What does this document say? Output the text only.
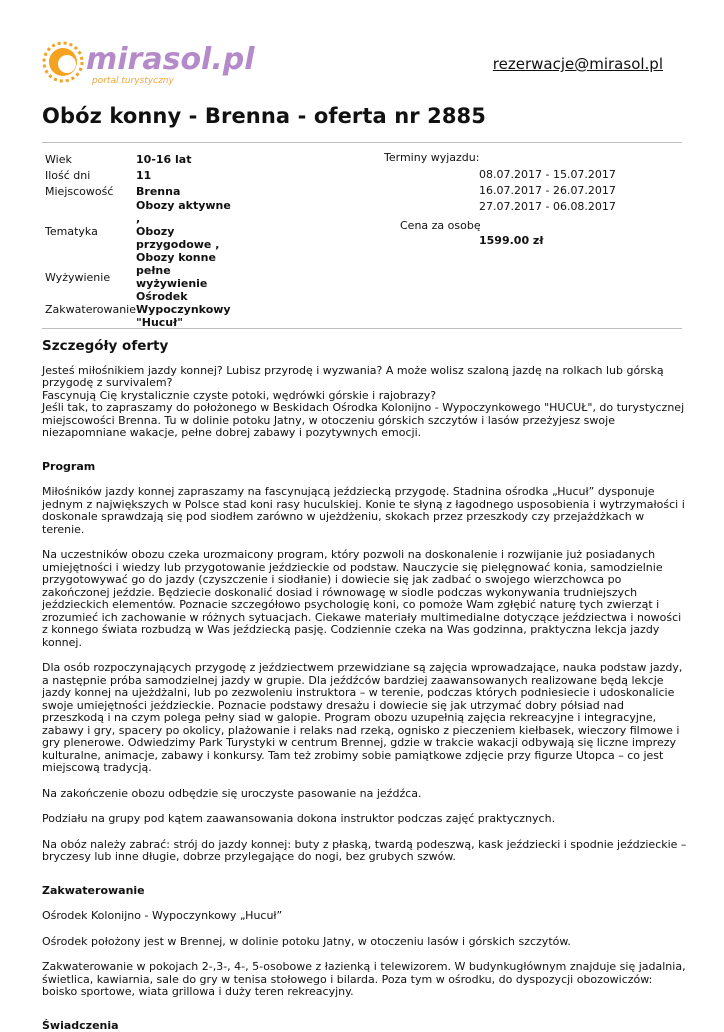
mirasol.pl
portal turystyczny
rezerwacje@mirasol.pl
Obóz konny - Brenna - oferta nr 2885
Wiek	10-16 lat
Ilość dni	11
Miejscowość	Brenna
Tematyka	Obozy aktywne ,
Obozy
przygodowe ,
Obozy konne

Wyżywienie	pełne
wyżywienie

Zakwaterowanie	Ośrodek
Wypoczynkowy
"Hucuł"
Terminy wyjazdu:
08.07.2017 - 15.07.2017
16.07.2017 - 26.07.2017
27.07.2017 - 06.08.2017
Cena za osobę
1599.00 zł
Szczegóły oferty

Jesteś miłośnikiem jazdy konnej? Lubisz przyrodę i wyzwania? A może wolisz szaloną jazdę na rolkach lub górską przygodę z survivalem?

Fascynują Cię krystalicznie czyste potoki, wędrówki górskie i rajobrazy?

Jeśli tak, to zapraszamy do położonego w Beskidach Ośrodka Kolonijno - Wypoczynkowego "HUCUŁ", do turystycznej miejscowości Brenna. Tu w dolinie potoku Jatny, w otoczeniu górskich szczytów i lasów przeżyjesz swoje niezapomniane wakacje, pełne dobrej zabawy i pozytywnych emocji.

Program

Miłośników jazdy konnej zapraszamy na fascynującą jeździecką przygodę. Stadnina ośrodka „Hucuł” dysponuje jednym z największych w Polsce stad koni rasy huculskiej. Konie te słyną z łagodnego usposobienia i wytrzymałości i doskonale sprawdzają się pod siodłem zarówno w ujeżdżeniu, skokach przez przeszkody czy przejażdżkach w terenie.

Na uczestników obozu czeka urozmaicony program, który pozwoli na doskonalenie i rozwijanie już posiadanych umiejętności i wiedzy lub przygotowanie jeździeckie od podstaw. Nauczycie się pielęgnować konia, samodzielnie przygotowywać go do jazdy (czyszczenie i siodłanie) i dowiecie się jak zadbać o swojego wierzchowca po zakończonej jeździe. Będziecie doskonalić dosiad i równowagę w siodle podczas wykonywania trudniejszych jeździeckich elementów. Poznacie szczegółowo psychologię koni, co pomoże Wam zgłębić naturę tych zwierząt i zrozumieć ich zachowanie w różnych sytuacjach. Ciekawe materiały multimedialne dotyczące jeździectwa i nowości z konnego świata rozbudzą w Was jeździecką pasję. Codziennie czeka na Was godzinna, praktyczna lekcja jazdy konnej.

Dla osób rozpoczynających przygodę z jeździectwem przewidziane są zajęcia wprowadzające, nauka podstaw jazdy, a następnie próba samodzielnej jazdy w grupie. Dla jeźdźców bardziej zaawansowanych realizowane będą lekcje jazdy konnej na ujeżdżalni, lub po zezwoleniu instruktora – w terenie, podczas których podniesiecie i udoskonalicie swoje umiejętności jeździeckie. Poznacie podstawy dresażu i dowiecie się jak utrzymać dobry półsiad nad przeszkodą i na czym polega pełny siad w galopie. Program obozu uzupełnią zajęcia rekreacyjne i integracyjne, zabawy i gry, spacery po okolicy, plażowanie i relaks nad rzeką, ognisko z pieczeniem kiełbasek, wieczory filmowe i gry plenerowe. Odwiedzimy Park Turystyki w centrum Brennej, gdzie w trakcie wakacji odbywają się liczne imprezy kulturalne, animacje, zabawy i konkursy. Tam też zrobimy sobie pamiątkowe zdjęcie przy figurze Utopca – co jest miejscową tradycją.

Na zakończenie obozu odbędzie się uroczyste pasowanie na jeźdźca.

Podziału na grupy pod kątem zaawansowania dokona instruktor podczas zajęć praktycznych.

Na obóz należy zabrać: strój do jazdy konnej: buty z płaską, twardą podeszwą, kask jeździecki i spodnie jeździeckie – bryczesy lub inne długie, dobrze przylegające do nogi, bez grubych szwów.

Zakwaterowanie

Ośrodek Kolonijno - Wypoczynkowy „Hucuł”

Ośrodek położony jest w Brennej, w dolinie potoku Jatny, w otoczeniu lasów i górskich szczytów.

Zakwaterowanie w pokojach 2-,3-, 4-, 5-osobowe z łazienką i telewizorem. W budynkugłównym znajduje się jadalnia, świetlica, kawiarnia, sale do gry w tenisa stołowego i bilarda. Poza tym w ośrodku, do dyspozycji obozowiczów: boisko sportowe, wiata grillowa i duży teren rekreacyjny.

Świadczenia
